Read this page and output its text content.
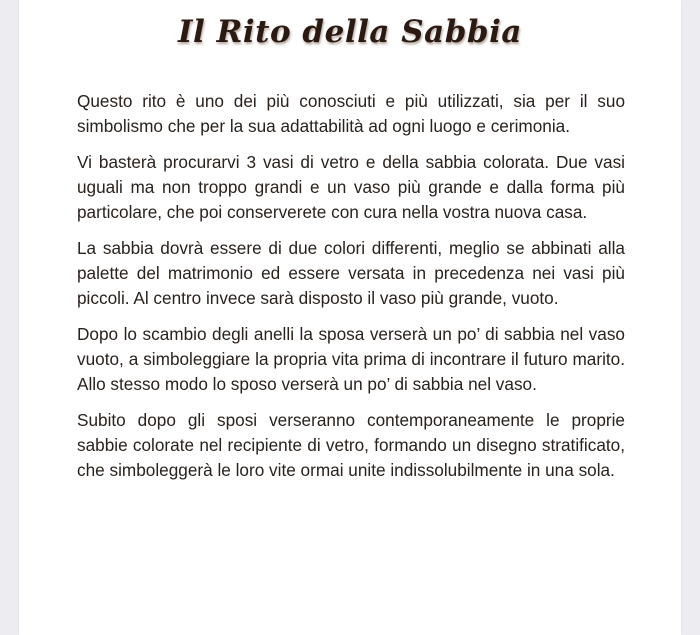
Il Rito della Sabbia

Questo rito è uno dei più conosciuti e più utilizzati, sia per il suo simbolismo che per la sua adattabilità ad ogni luogo e cerimonia.

Vi basterà procurarvi 3 vasi di vetro e della sabbia colorata. Due vasi uguali ma non troppo grandi e un vaso più grande e dalla forma più particolare, che poi conserverete con cura nella vostra nuova casa.

La sabbia dovrà essere di due colori differenti, meglio se abbinati alla palette del matrimonio ed essere versata in precedenza nei vasi più piccoli. Al centro invece sarà disposto il vaso più grande, vuoto.

Dopo lo scambio degli anelli la sposa verserà un po’ di sabbia nel vaso vuoto, a simboleggiare la propria vita prima di incontrare il futuro marito. Allo stesso modo lo sposo verserà un po’ di sabbia nel vaso.

Subito dopo gli sposi verseranno contemporaneamente le proprie sabbie colorate nel recipiente di vetro, formando un disegno stratificato, che simboleggerà le loro vite ormai unite indissolubilmente in una sola.
